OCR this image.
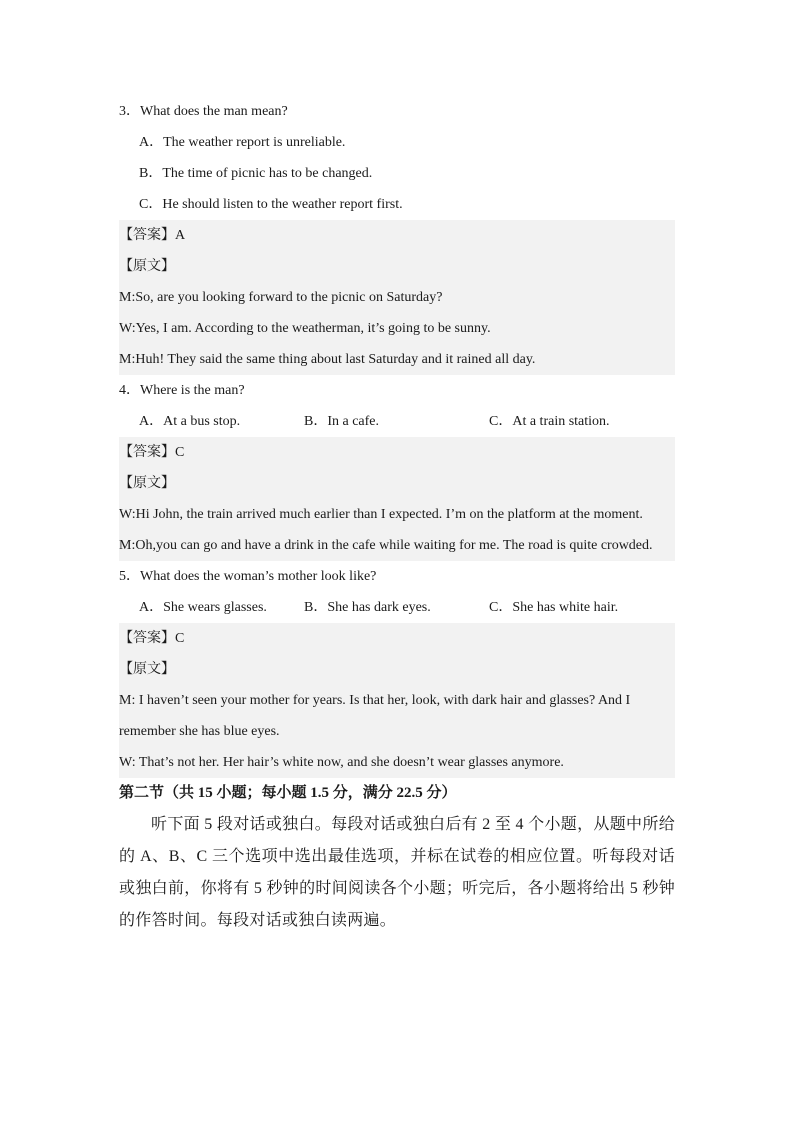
3．What does the man mean?
A．The weather report is unreliable.
B．The time of picnic has to be changed.
C．He should listen to the weather report first.
【答案】A
【原文】
M:So, are you looking forward to the picnic on Saturday?
W:Yes, I am. According to the weatherman, it’s going to be sunny.
M:Huh! They said the same thing about last Saturday and it rained all day.
4．Where is the man?
A．At a bus stop.	B．In a cafe.	C．At a train station.
【答案】C
【原文】
W:Hi John, the train arrived much earlier than I expected. I’m on the platform at the moment.
M:Oh,you can go and have a drink in the cafe while waiting for me. The road is quite crowded.
5．What does the woman’s mother look like?
A．She wears glasses.	B．She has dark eyes.	C．She has white hair.
【答案】C
【原文】
M: I haven’t seen your mother for years. Is that her, look, with dark hair and glasses? And I remember she has blue eyes.
W: That’s not her. Her hair’s white now, and she doesn’t wear glasses anymore.
第二节（共 15 小题；每小题 1.5 分，满分 22.5 分）
听下面 5 段对话或独白。每段对话或独白后有 2 至 4 个小题，从题中所给的 A、B、C 三个选项中选出最佳选项，并标在试卷的相应位置。听每段对话或独白前，你将有 5 秒钟的时间阅读各个小题；听完后，各小题将给出 5 秒钟的作答时间。每段对话或独白读两遍。
